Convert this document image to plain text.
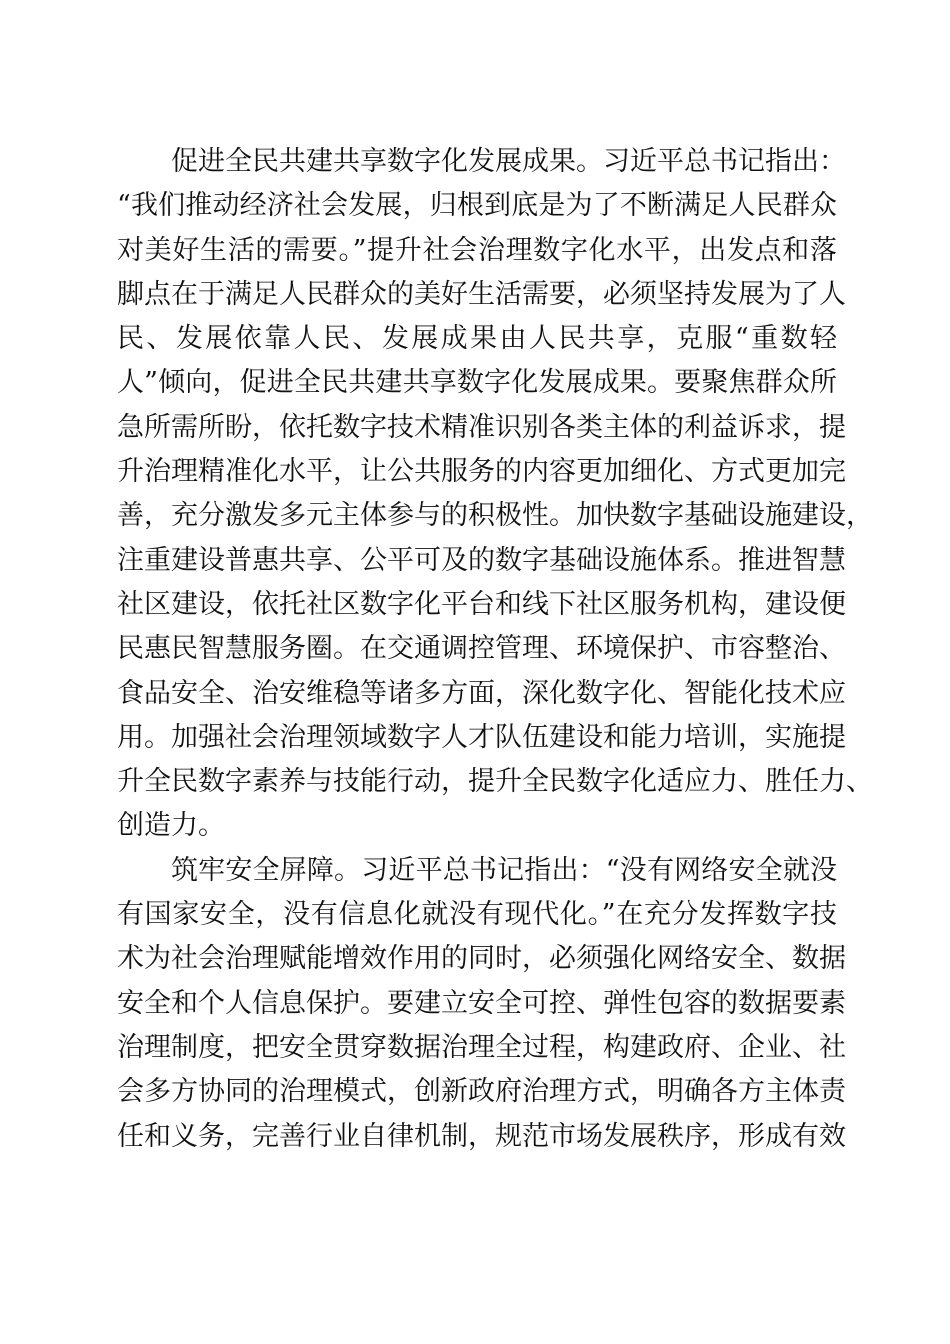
促进全民共建共享数字化发展成果。习近平总书记指出：
“我们推动经济社会发展，归根到底是为了不断满足人民群众
对美好生活的需要。”提升社会治理数字化水平，出发点和落
脚点在于满足人民群众的美好生活需要，必须坚持发展为了人
民、发展依靠人民、发展成果由人民共享，克服“重数轻
人”倾向，促进全民共建共享数字化发展成果。要聚焦群众所
急所需所盼，依托数字技术精准识别各类主体的利益诉求，提
升治理精准化水平，让公共服务的内容更加细化、方式更加完
善，充分激发多元主体参与的积极性。加快数字基础设施建设，
注重建设普惠共享、公平可及的数字基础设施体系。推进智慧
社区建设，依托社区数字化平台和线下社区服务机构，建设便
民惠民智慧服务圈。在交通调控管理、环境保护、市容整治、
食品安全、治安维稳等诸多方面，深化数字化、智能化技术应
用。加强社会治理领域数字人才队伍建设和能力培训，实施提
升全民数字素养与技能行动，提升全民数字化适应力、胜任力、
创造力。
筑牢安全屏障。习近平总书记指出：“没有网络安全就没
有国家安全，没有信息化就没有现代化。”在充分发挥数字技
术为社会治理赋能增效作用的同时，必须强化网络安全、数据
安全和个人信息保护。要建立安全可控、弹性包容的数据要素
治理制度，把安全贯穿数据治理全过程，构建政府、企业、社
会多方协同的治理模式，创新政府治理方式，明确各方主体责
任和义务，完善行业自律机制，规范市场发展秩序，形成有效
